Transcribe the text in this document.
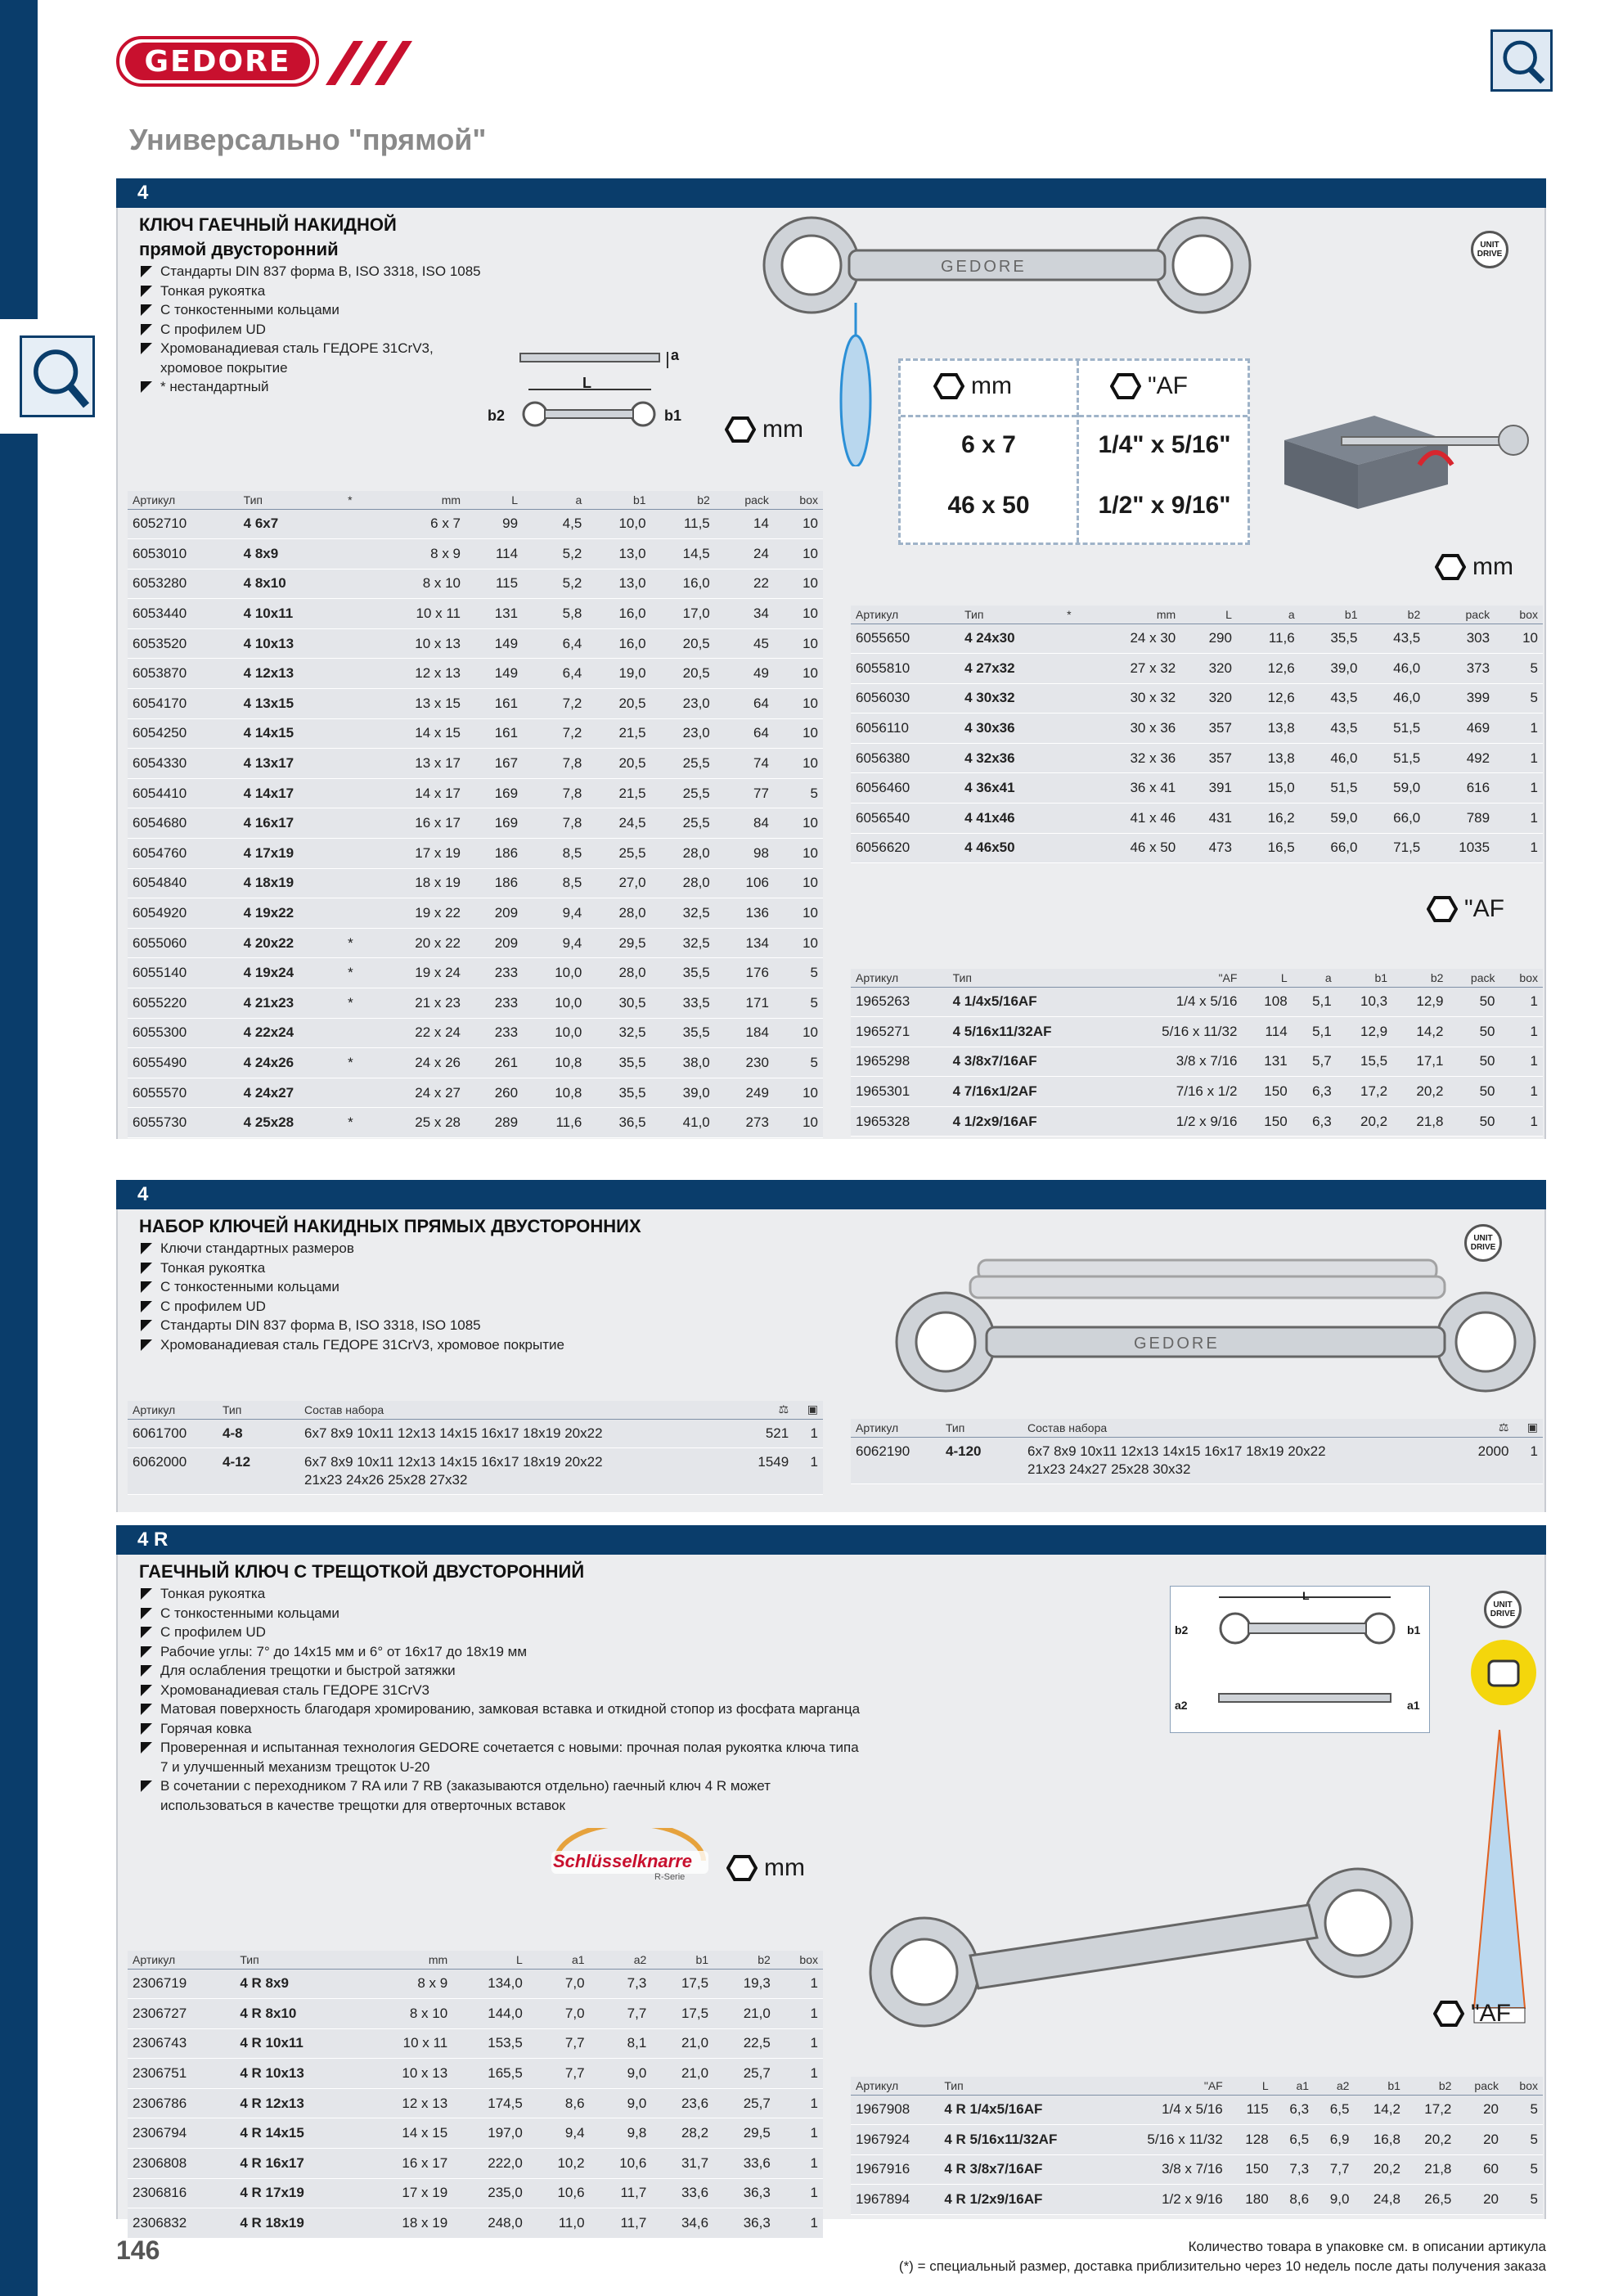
GEDORE
Универсально "прямой"
4
КЛЮЧ ГАЕЧНЫЙ НАКИДНОЙ
прямой двусторонний
Стандарты DIN 837 форма B, ISO 3318, ISO 1085
Тонкая рукоятка
С тонкостенными кольцами
С профилем UD
Хромованадиевая сталь ГЕДОРЕ 31CrV3,
хромовое покрытие
* нестандартный
a
L
b2	b1	mm
GEDORE
mm	"AF
6 x 7
46 x 50
1/4" x 5/16"
1/2" x 9/16"
UNIT DRIVE
Артикул	Тип	*	mm	L	a	b1	b2	pack	box
6052710	4 6x7		6 x 7	99	4,5	10,0	11,5	14	10
6053010	4 8x9		8 x 9	114	5,2	13,0	14,5	24	10
6053280	4 8x10		8 x 10	115	5,2	13,0	16,0	22	10
6053440	4 10x11		10 x 11	131	5,8	16,0	17,0	34	10
6053520	4 10x13		10 x 13	149	6,4	16,0	20,5	45	10
6053870	4 12x13		12 x 13	149	6,4	19,0	20,5	49	10
6054170	4 13x15		13 x 15	161	7,2	20,5	23,0	64	10
6054250	4 14x15		14 x 15	161	7,2	21,5	23,0	64	10
6054330	4 13x17		13 x 17	167	7,8	20,5	25,5	74	10
6054410	4 14x17		14 x 17	169	7,8	21,5	25,5	77	5
6054680	4 16x17		16 x 17	169	7,8	24,5	25,5	84	10
6054760	4 17x19		17 x 19	186	8,5	25,5	28,0	98	10
6054840	4 18x19		18 x 19	186	8,5	27,0	28,0	106	10
6054920	4 19x22		19 x 22	209	9,4	28,0	32,5	136	10
6055060	4 20x22	*	20 x 22	209	9,4	29,5	32,5	134	10
6055140	4 19x24	*	19 x 24	233	10,0	28,0	35,5	176	5
6055220	4 21x23	*	21 x 23	233	10,0	30,5	33,5	171	5
6055300	4 22x24		22 x 24	233	10,0	32,5	35,5	184	10
6055490	4 24x26	*	24 x 26	261	10,8	35,5	38,0	230	5
6055570	4 24x27		24 x 27	260	10,8	35,5	39,0	249	10
6055730	4 25x28	*	25 x 28	289	11,6	36,5	41,0	273	10
mm
Артикул	Тип	*	mm	L	a	b1	b2	pack	box
6055650	4 24x30		24 x 30	290	11,6	35,5	43,5	303	10
6055810	4 27x32		27 x 32	320	12,6	39,0	46,0	373	5
6056030	4 30x32		30 x 32	320	12,6	43,5	46,0	399	5
6056110	4 30x36		30 x 36	357	13,8	43,5	51,5	469	1
6056380	4 32x36		32 x 36	357	13,8	46,0	51,5	492	1
6056460	4 36x41		36 x 41	391	15,0	51,5	59,0	616	1
6056540	4 41x46		41 x 46	431	16,2	59,0	66,0	789	1
6056620	4 46x50		46 x 50	473	16,5	66,0	71,5	1035	1
"AF
Артикул	Тип	"AF	L	a	b1	b2	pack	box
1965263	4 1/4x5/16AF	1/4 x 5/16	108	5,1	10,3	12,9	50	1
1965271	4 5/16x11/32AF	5/16 x 11/32	114	5,1	12,9	14,2	50	1
1965298	4 3/8x7/16AF	3/8 x 7/16	131	5,7	15,5	17,1	50	1
1965301	4 7/16x1/2AF	7/16 x 1/2	150	6,3	17,2	20,2	50	1
1965328	4 1/2x9/16AF	1/2 x 9/16	150	6,3	20,2	21,8	50	1
4
НАБОР КЛЮЧЕЙ НАКИДНЫХ ПРЯМЫХ ДВУСТОРОННИХ
Ключи стандартных размеров
Тонкая рукоятка
С тонкостенными кольцами
С профилем UD
Стандарты DIN 837 форма B, ISO 3318, ISO 1085
Хромованадиевая сталь ГЕДОРЕ 31CrV3, хромовое покрытие	GEDORE
UNIT DRIVE
Артикул	Тип	Состав набора	⚖	▣
6061700	4-8	6x7 8x9 10x11 12x13 14x15 16x17 18x19 20x22	521	1
6062000	4-12	6x7 8x9 10x11 12x13 14x15 16x17 18x19 20x22
21x23 24x26 25x28 27x32	1549	1
Артикул	Тип	Состав набора	⚖	▣
6062190	4-120	6x7 8x9 10x11 12x13 14x15 16x17 18x19 20x22
21x23 24x27 25x28 30x32	2000	1
4 R
ГАЕЧНЫЙ КЛЮЧ С ТРЕЩОТКОЙ ДВУСТОРОННИЙ
Тонкая рукоятка
С тонкостенными кольцами
С профилем UD
Рабочие углы: 7° до 14x15 мм и 6° от 16x17 до 18x19 мм
Для ослабления трещотки и быстрой затяжки
Хромованадиевая сталь ГЕДОРЕ 31CrV3
Матовая поверхность благодаря хромированию, замковая вставка и откидной стопор из фосфата марганца
Горячая ковка
Проверенная и испытанная технология GEDORE сочетается с новыми: прочная полая рукоятка ключа типа
7 и улучшенный механизм трещоток U-20
В сочетании с переходником 7 RA или 7 RB (заказываются отдельно) гаечный ключ 4 R может
использоваться в качестве трещотки для отверточных вставок
Schlüsselknarre
R-Serie	mm
L
b2	b1
a2	a1
UNIT DRIVE
"AF
Артикул	Тип	mm	L	a1	a2	b1	b2	box
2306719	4 R 8x9	8 x 9	134,0	7,0	7,3	17,5	19,3	1
2306727	4 R 8x10	8 x 10	144,0	7,0	7,7	17,5	21,0	1
2306743	4 R 10x11	10 x 11	153,5	7,7	8,1	21,0	22,5	1
2306751	4 R 10x13	10 x 13	165,5	7,7	9,0	21,0	25,7	1
2306786	4 R 12x13	12 x 13	174,5	8,6	9,0	23,6	25,7	1
2306794	4 R 14x15	14 x 15	197,0	9,4	9,8	28,2	29,5	1
2306808	4 R 16x17	16 x 17	222,0	10,2	10,6	31,7	33,6	1
2306816	4 R 17x19	17 x 19	235,0	10,6	11,7	33,6	36,3	1
2306832	4 R 18x19	18 x 19	248,0	11,0	11,7	34,6	36,3	1
Артикул	Тип	"AF	L	a1	a2	b1	b2	pack	box
1967908	4 R 1/4x5/16AF	1/4 x 5/16	115	6,3	6,5	14,2	17,2	20	5
1967924	4 R 5/16x11/32AF	5/16 x 11/32	128	6,5	6,9	16,8	20,2	20	5
1967916	4 R 3/8x7/16AF	3/8 x 7/16	150	7,3	7,7	20,2	21,8	60	5
1967894	4 R 1/2x9/16AF	1/2 x 9/16	180	8,6	9,0	24,8	26,5	20	5
146	Количество товара в упаковке см. в описании артикула
(*) = специальный размер, доставка приблизительно через 10 недель после даты получения заказа
